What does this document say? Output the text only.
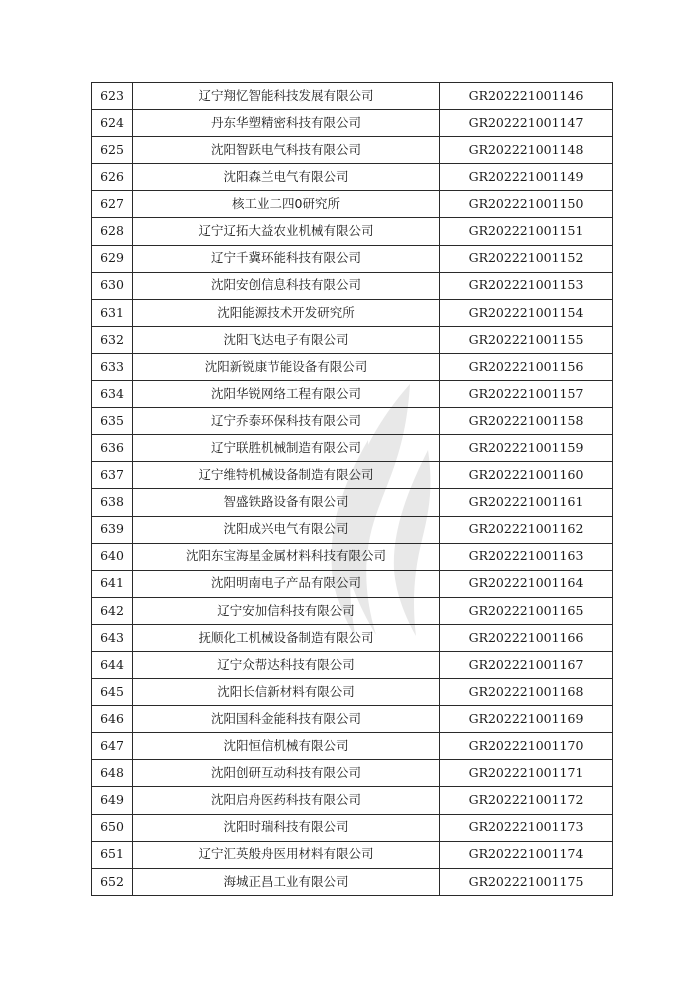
623	辽宁翔忆智能科技发展有限公司	GR202221001146
624	丹东华塑精密科技有限公司	GR202221001147
625	沈阳智跃电气科技有限公司	GR202221001148
626	沈阳森兰电气有限公司	GR202221001149
627	核工业二四0研究所	GR202221001150
628	辽宁辽拓大益农业机械有限公司	GR202221001151
629	辽宁千冀环能科技有限公司	GR202221001152
630	沈阳安创信息科技有限公司	GR202221001153
631	沈阳能源技术开发研究所	GR202221001154
632	沈阳飞达电子有限公司	GR202221001155
633	沈阳新锐康节能设备有限公司	GR202221001156
634	沈阳华锐网络工程有限公司	GR202221001157
635	辽宁乔泰环保科技有限公司	GR202221001158
636	辽宁联胜机械制造有限公司	GR202221001159
637	辽宁维特机械设备制造有限公司	GR202221001160
638	智盛铁路设备有限公司	GR202221001161
639	沈阳成兴电气有限公司	GR202221001162
640	沈阳东宝海星金属材料科技有限公司	GR202221001163
641	沈阳明南电子产品有限公司	GR202221001164
642	辽宁安加信科技有限公司	GR202221001165
643	抚顺化工机械设备制造有限公司	GR202221001166
644	辽宁众帮达科技有限公司	GR202221001167
645	沈阳长信新材料有限公司	GR202221001168
646	沈阳国科金能科技有限公司	GR202221001169
647	沈阳恒信机械有限公司	GR202221001170
648	沈阳创研互动科技有限公司	GR202221001171
649	沈阳启舟医药科技有限公司	GR202221001172
650	沈阳时瑞科技有限公司	GR202221001173
651	辽宁汇英般舟医用材料有限公司	GR202221001174
652	海城正昌工业有限公司	GR202221001175
